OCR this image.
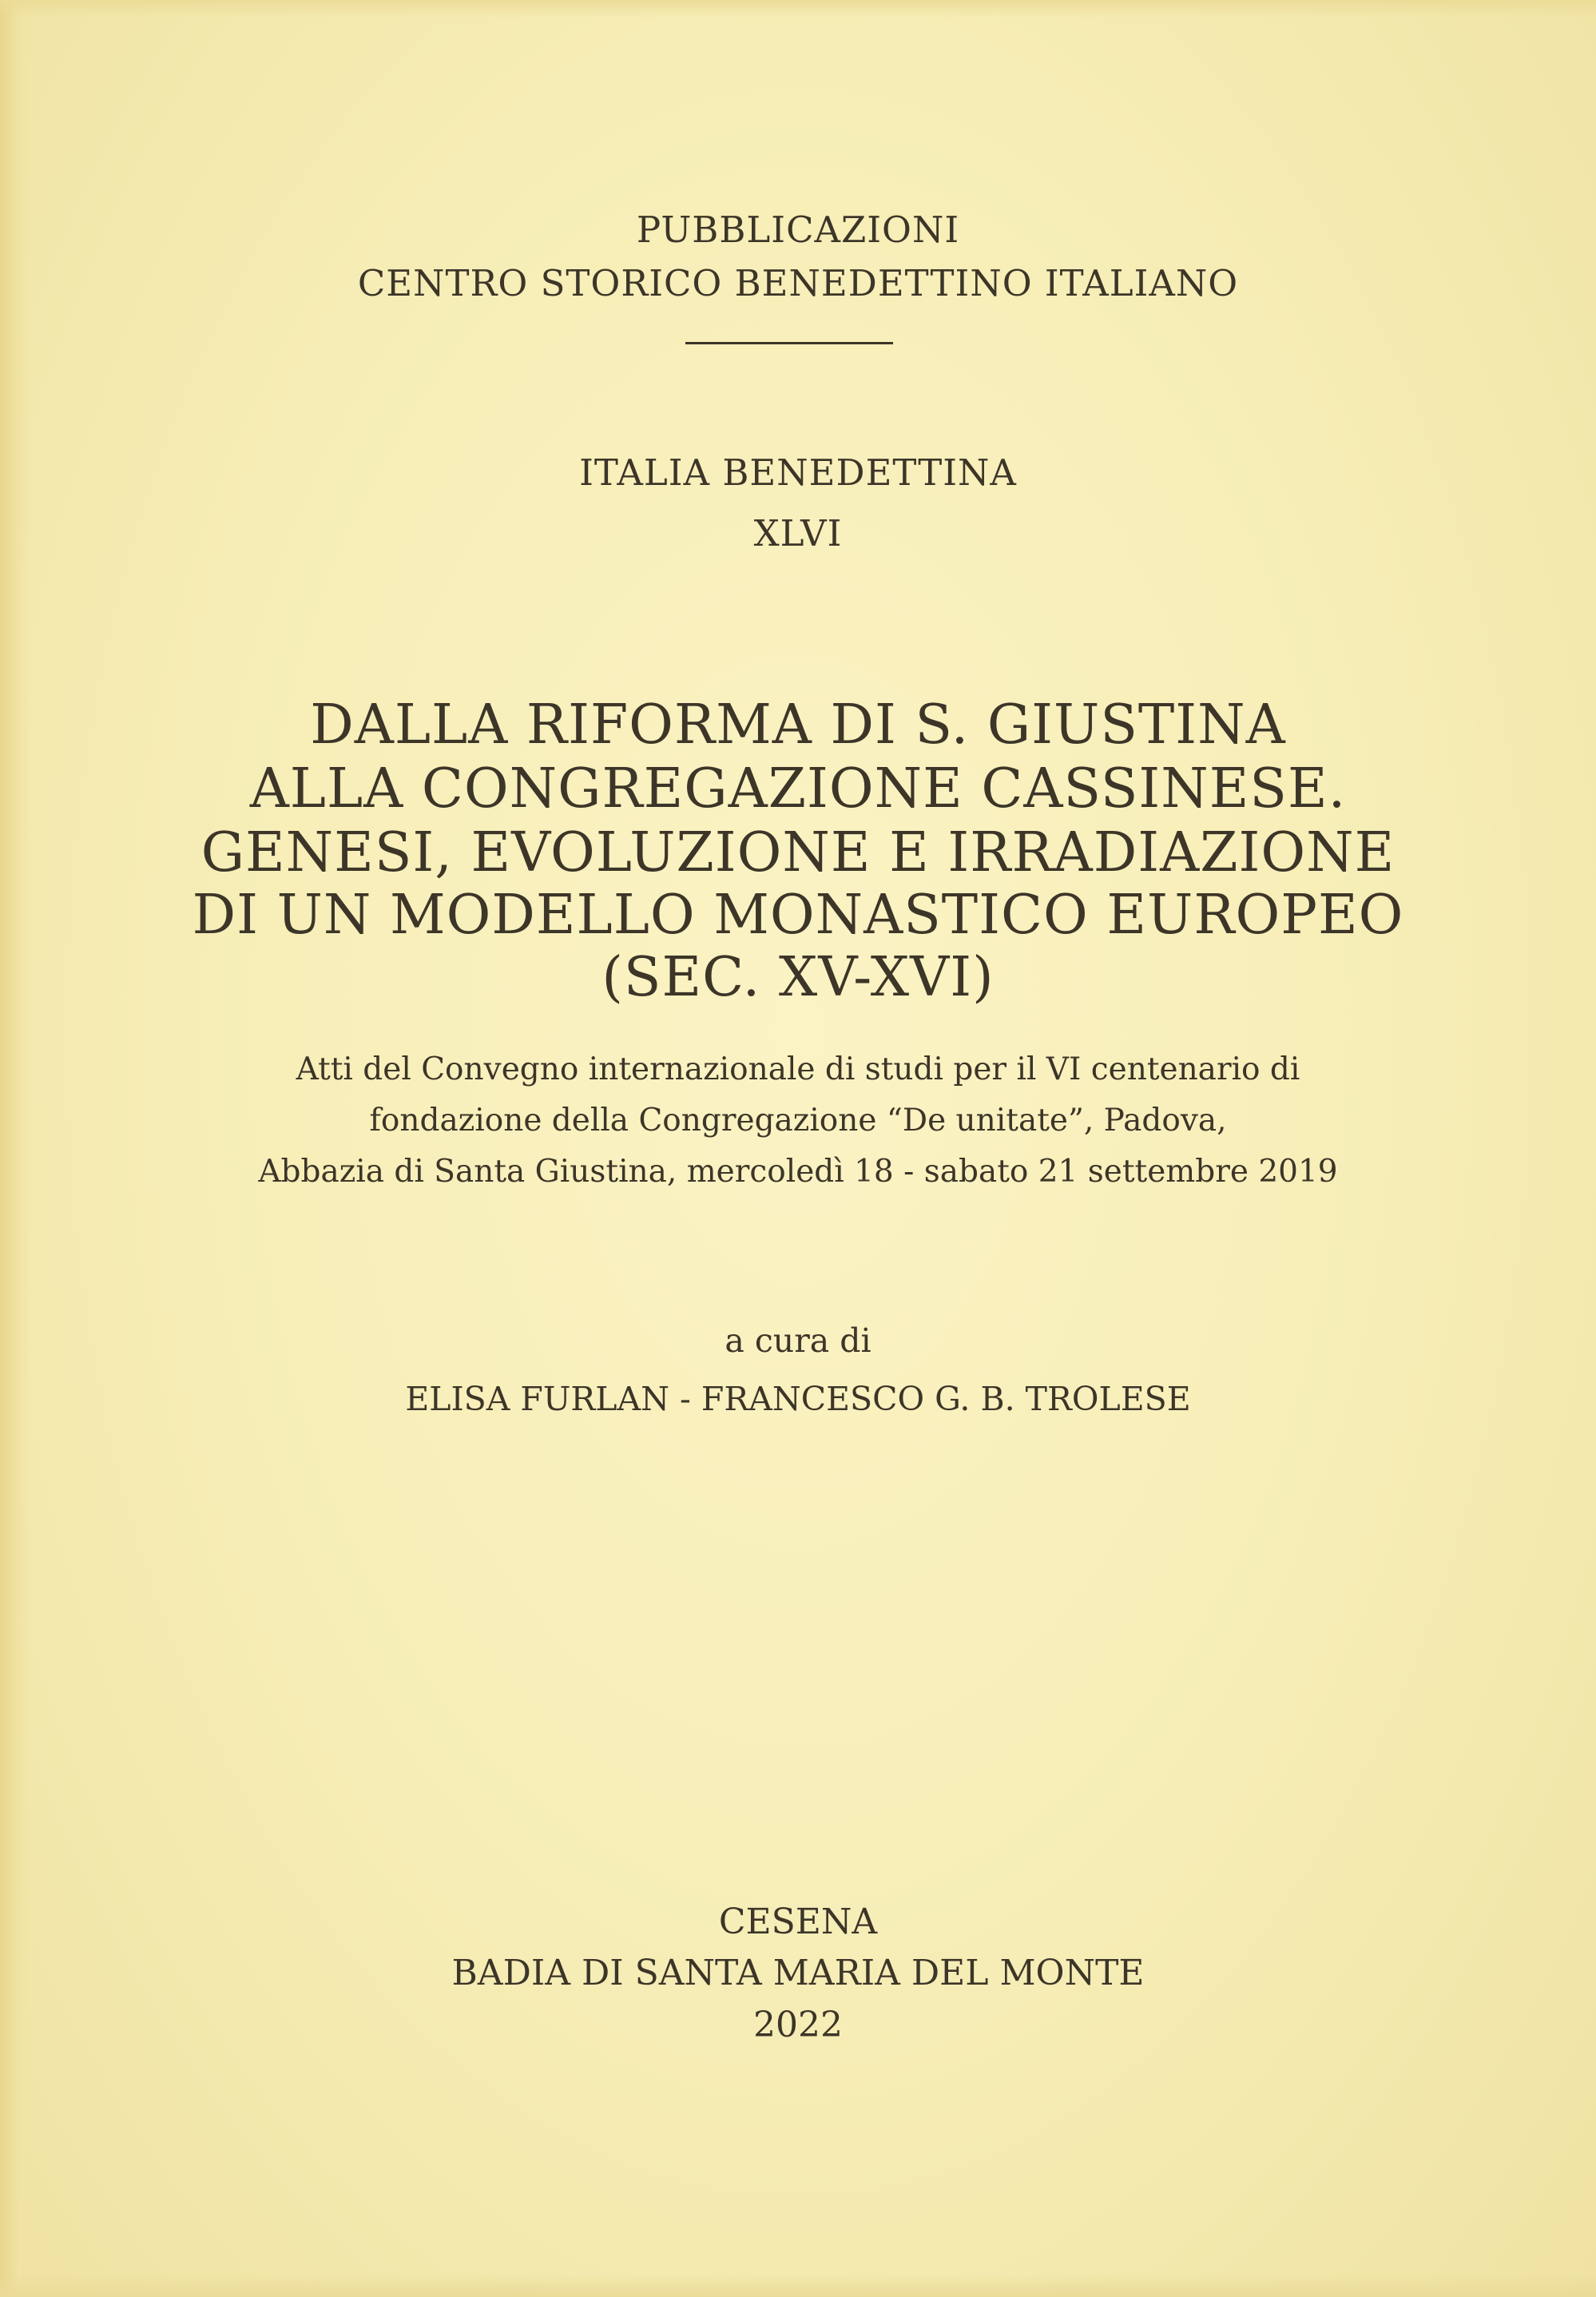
PUBBLICAZIONI

CENTRO STORICO BENEDETTINO ITALIANO

ITALIA BENEDETTINA

XLVI

DALLA RIFORMA DI S. GIUSTINA

ALLA CONGREGAZIONE CASSINESE.

GENESI, EVOLUZIONE E IRRADIAZIONE

DI UN MODELLO MONASTICO EUROPEO

(SEC. XV-XVI)

Atti del Convegno internazionale di studi per il VI centenario di

fondazione della Congregazione “De unitate”, Padova,

Abbazia di Santa Giustina, mercoledì 18 - sabato 21 settembre 2019

a cura di

ELISA FURLAN - FRANCESCO G. B. TROLESE

CESENA

BADIA DI SANTA MARIA DEL MONTE

2022
